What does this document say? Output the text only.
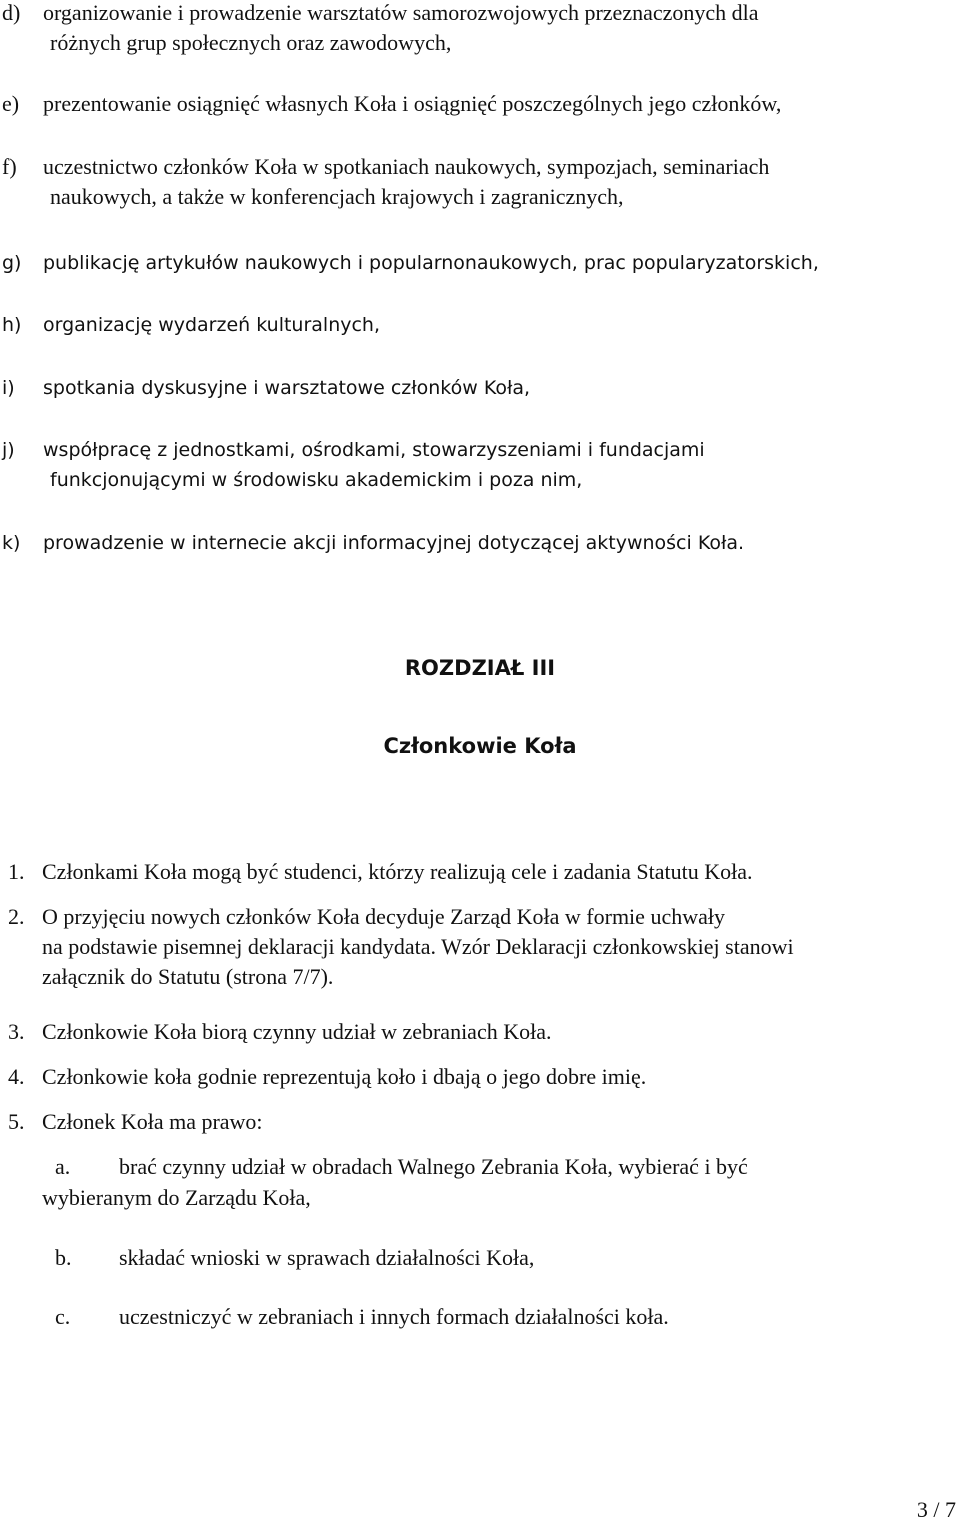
d) organizowanie i prowadzenie warsztatów samorozwojowych przeznaczonych dla
różnych grup społecznych oraz zawodowych,
e) prezentowanie osiągnięć własnych Koła i osiągnięć poszczególnych jego członków,
f) uczestnictwo członków Koła w spotkaniach naukowych, sympozjach, seminariach
naukowych, a także w konferencjach krajowych i zagranicznych,
g) publikację artykułów naukowych i popularnonaukowych, prac popularyzatorskich,
h) organizację wydarzeń kulturalnych,
i) spotkania dyskusyjne i warsztatowe członków Koła,
j) współpracę z jednostkami, ośrodkami, stowarzyszeniami i fundacjami
funkcjonującymi w środowisku akademickim i poza nim,
k) prowadzenie w internecie akcji informacyjnej dotyczącej aktywności Koła.
ROZDZIAŁ III
Członkowie Koła
1. Członkami Koła mogą być studenci, którzy realizują cele i zadania Statutu Koła.
2. O przyjęciu nowych członków Koła decyduje Zarząd Koła w formie uchwały
na podstawie pisemnej deklaracji kandydata. Wzór Deklaracji członkowskiej stanowi
załącznik do Statutu (strona 7/7).
3. Członkowie Koła biorą czynny udział w zebraniach Koła.
4. Członkowie koła godnie reprezentują koło i dbają o jego dobre imię.
5. Członek Koła ma prawo:
a. brać czynny udział w obradach Walnego Zebrania Koła, wybierać i być
wybieranym do Zarządu Koła,
b. składać wnioski w sprawach działalności Koła,
c. uczestniczyć w zebraniach i innych formach działalności koła.
3 / 7
